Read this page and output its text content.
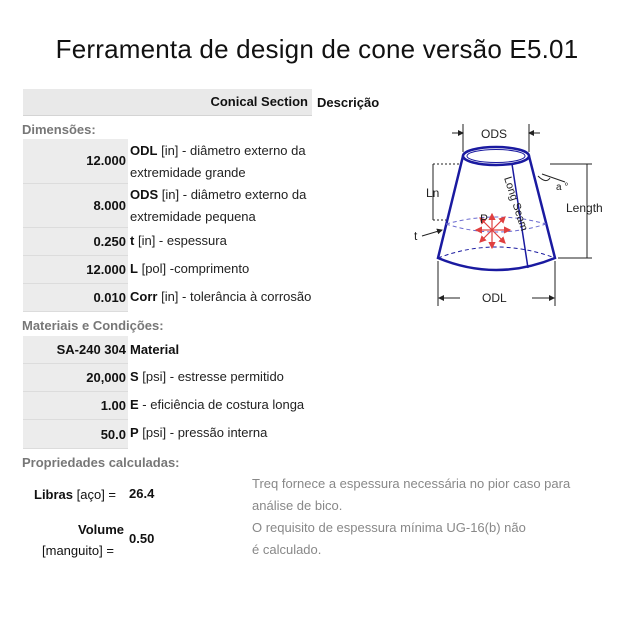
Ferramenta de design de cone versão E5.01
Conical Section Descrição
Dimensões:
12.000
ODL [in] - diâmetro externo da extremidade grande
8.000
ODS [in] - diâmetro externo da extremidade pequena
0.250 t [in] - espessura
12.000 L [pol] -comprimento
0.010 Corr [in] - tolerância à corrosão
Materiais e Condições:
SA-240 304 Material
20,000 S [psi] - estresse permitido
1.00 E - eficiência de costura longa
50.0 P [psi] - pressão interna
Propriedades calculadas:
Libras [aço] = 26.4
Volume
[manguito] =
0.50
Treq fornece a espessura necessária no pior caso para
análise de bico.
O requisito de espessura mínima UG-16(b) não
é calculado.
ODS
Long Seam	a °
Ln
Length
t
P
ODL
